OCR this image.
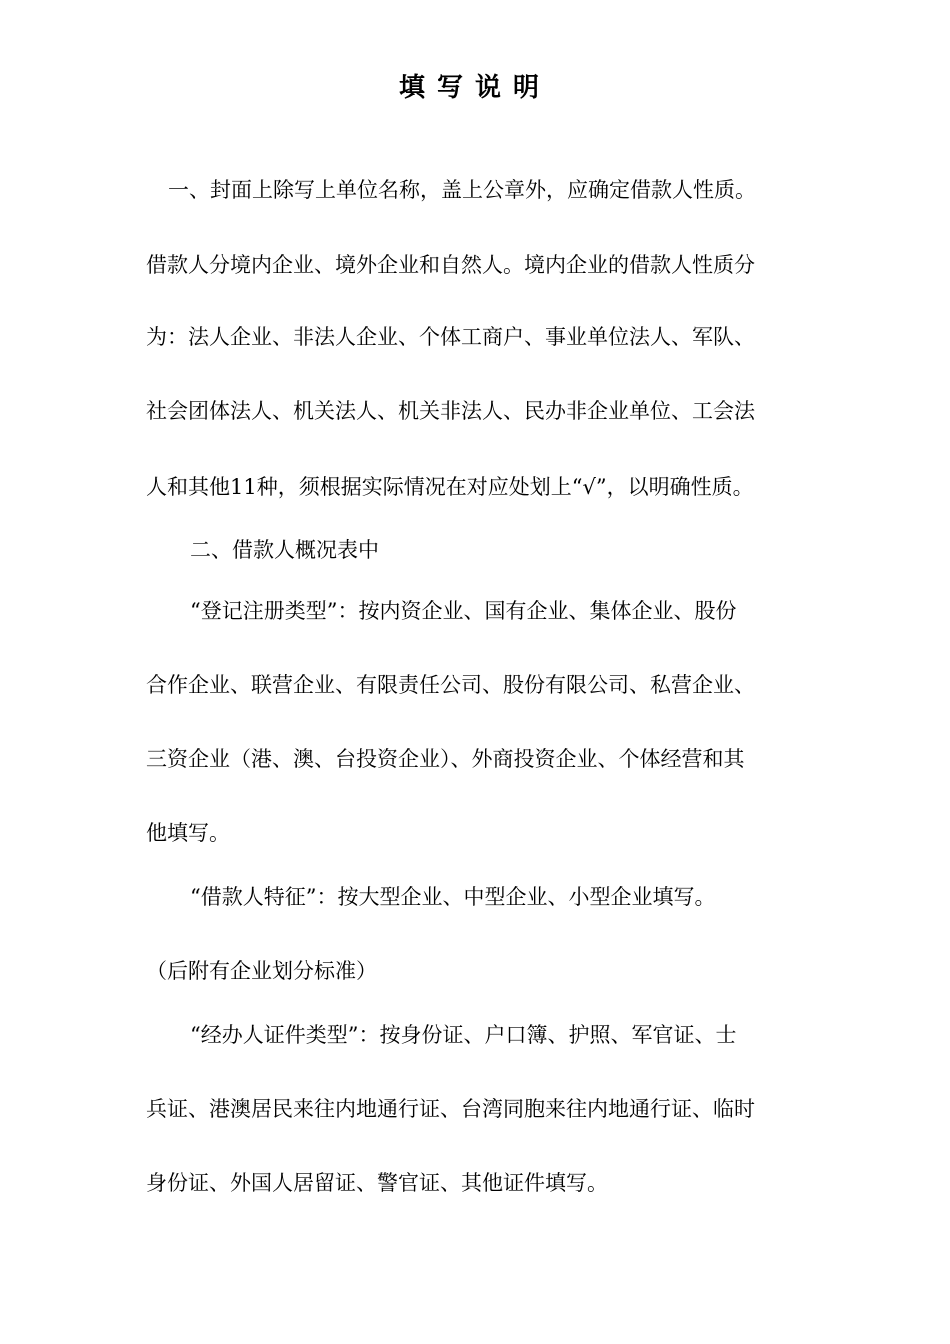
填写说明
一、封面上除写上单位名称，盖上公章外，应确定借款人性质。
借款人分境内企业、境外企业和自然人。境内企业的借款人性质分
为：法人企业、非法人企业、个体工商户、事业单位法人、军队、
社会团体法人、机关法人、机关非法人、民办非企业单位、工会法
人和其他11种，须根据实际情况在对应处划上“√”，以明确性质。
二、借款人概况表中
“登记注册类型”：按内资企业、国有企业、集体企业、股份
合作企业、联营企业、有限责任公司、股份有限公司、私营企业、
三资企业（港、澳、台投资企业）、外商投资企业、个体经营和其
他填写。
“借款人特征”：按大型企业、中型企业、小型企业填写。
（后附有企业划分标准）
“经办人证件类型”：按身份证、户口簿、护照、军官证、士
兵证、港澳居民来往内地通行证、台湾同胞来往内地通行证、临时
身份证、外国人居留证、警官证、其他证件填写。
